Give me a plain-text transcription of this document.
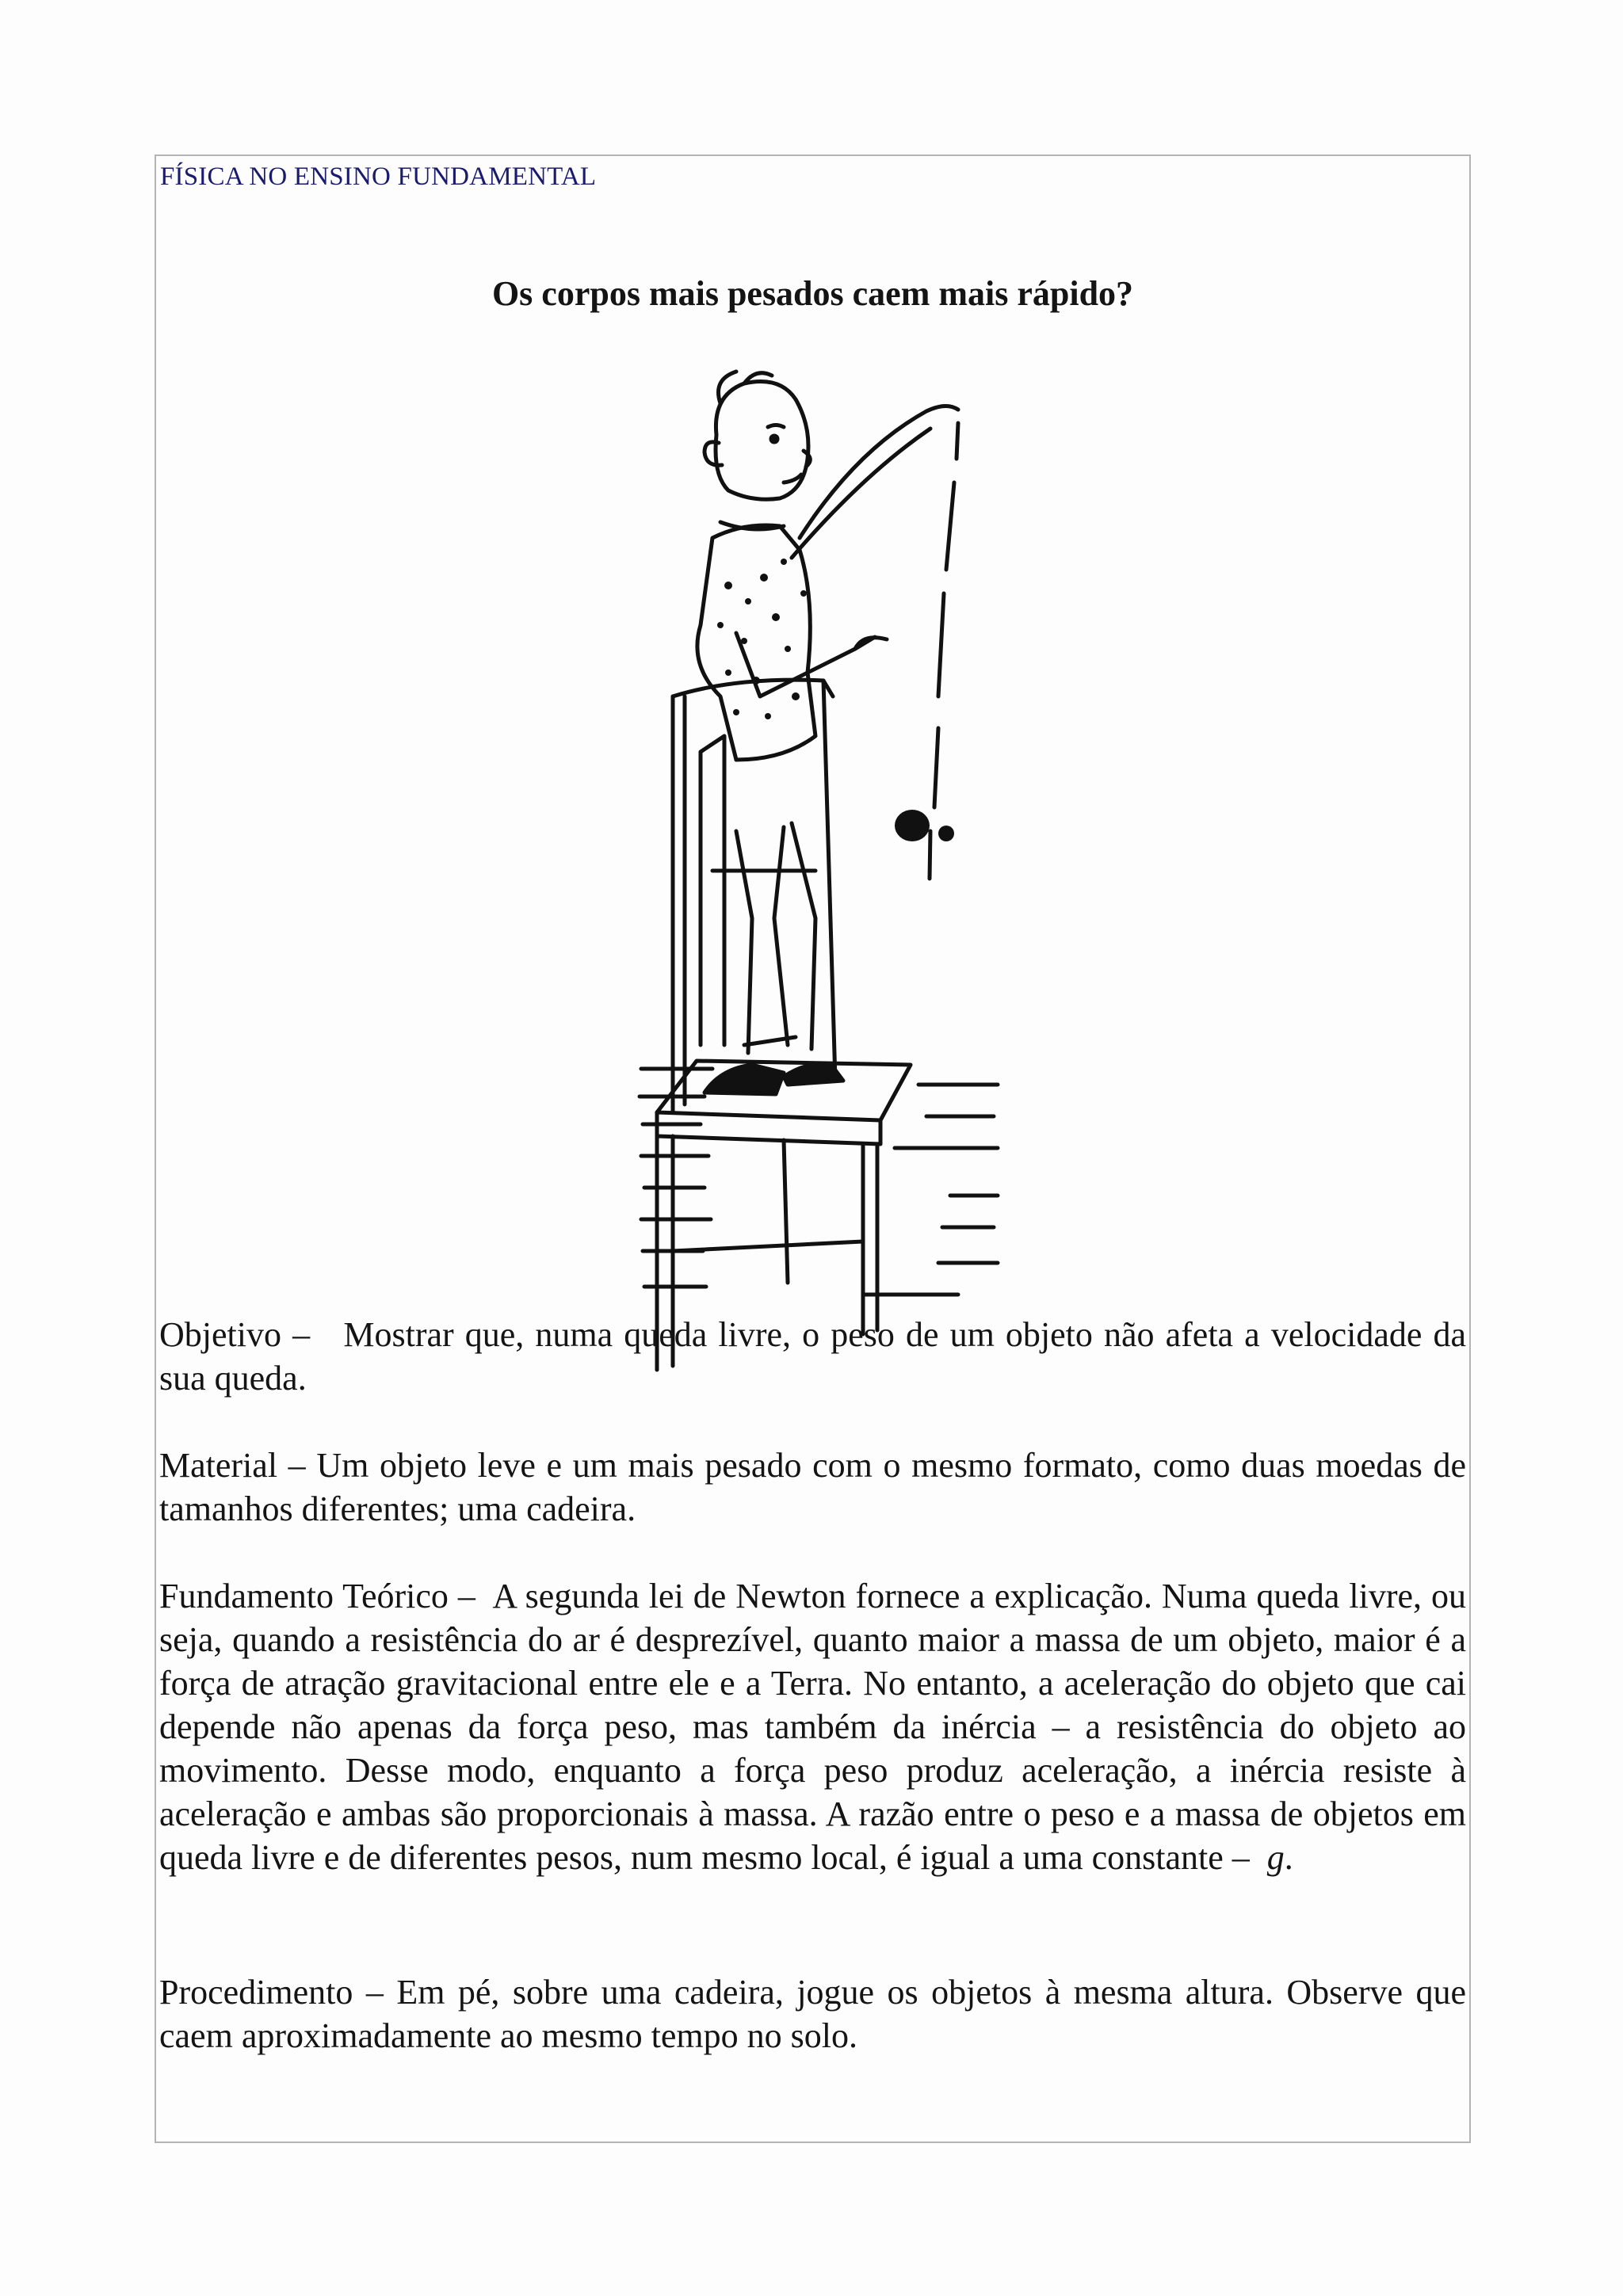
FÍSICA NO ENSINO FUNDAMENTAL
Os corpos mais pesados caem mais rápido?

Objetivo – Mostrar que, numa queda livre, o peso de um objeto não afeta a velocidade da sua queda.

Material – Um objeto leve e um mais pesado com o mesmo formato, como duas moedas de tamanhos diferentes; uma cadeira.

Fundamento Teórico – A segunda lei de Newton fornece a explicação. Numa queda livre, ou seja, quando a resistência do ar é desprezível, quanto maior a massa de um objeto, maior é a força de atração gravitacional entre ele e a Terra. No entanto, a aceleração do objeto que cai depende não apenas da força peso, mas também da inércia – a resistência do objeto ao movimento. Desse modo, enquanto a força peso produz aceleração, a inércia resiste à aceleração e ambas são proporcionais à massa. A razão entre o peso e a massa de objetos em queda livre e de diferentes pesos, num mesmo local, é igual a uma constante – g.

Procedimento – Em pé, sobre uma cadeira, jogue os objetos à mesma altura. Observe que caem aproximadamente ao mesmo tempo no solo.
